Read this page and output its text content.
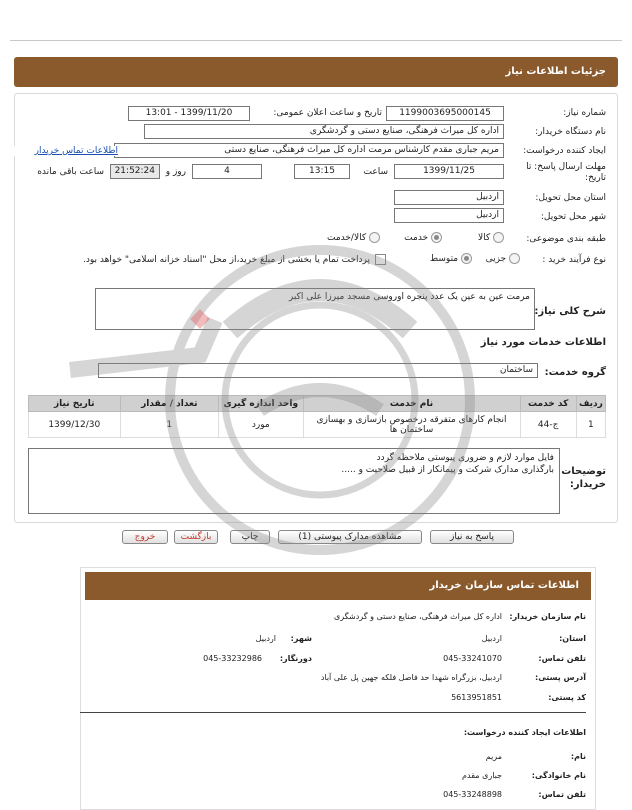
جزئیات اطلاعات نیاز
شماره نیاز:
1199003695000145
تاریخ و ساعت اعلان عمومی:
1399/11/20 - 13:01
نام دستگاه خریدار:
اداره کل میراث فرهنگی، صنایع دستی و گردشگری
ایجاد کننده درخواست:
مریم جباری مقدم کارشناس مرمت اداره کل میراث فرهنگی، صنایع دستی
اطلاعات تماس خریدار
مهلت ارسال پاسخ: تا تاریخ:
1399/11/25
ساعت
13:15
4
روز و
21:52:24
ساعت باقی مانده
استان محل تحویل:
اردبیل
شهر محل تحویل:
اردبیل
طبقه بندی موضوعی:
کالا
خدمت
کالا/خدمت
نوع فرآیند خرید :
جزیی
متوسط
پرداخت تمام یا بخشی از مبلغ خرید،از محل "اسناد خزانه اسلامی" خواهد بود.
شرح کلی نیاز:
مرمت عین به عین یک عدد پنجره اوروسی مسجد میرزا علی اکبر
اطلاعات خدمات مورد نیاز
گروه خدمت:
ساختمان
ردیف	کد خدمت	نام خدمت	واحد اندازه گیری	تعداد / مقدار	تاریخ نیاز
1	ج-44	انجام کارهای متفرقه درخصوص بازسازی و بهسازی ساختمان ها	مورد	1	1399/12/30
توضیحات خریدار:
فایل موارد لازم و ضروری پیوستی ملاحظه گردد
بارگذاری مدارک شرکت و پیمانکار از قبیل صلاحیت و .....
پاسخ به نیاز
مشاهده مدارک پیوستی (1)
چاپ
بازگشت
خروج
اطلاعات تماس سازمان خریدار
نام سازمان خریدار:
اداره کل میراث فرهنگی، صنایع دستی و گردشگری
استان:
اردبیل
شهر:
اردبیل
تلفن تماس:
045-33241070
دورنگار:
045-33232986
آدرس پستی:
اردبیل، بزرگراه شهدا حد فاصل فلکه جهین پل علی آباد
کد پستی:
5613951851
اطلاعات ایجاد کننده درخواست:
نام:
مریم
نام خانوادگی:
جباری مقدم
تلفن تماس:
045-33248898
